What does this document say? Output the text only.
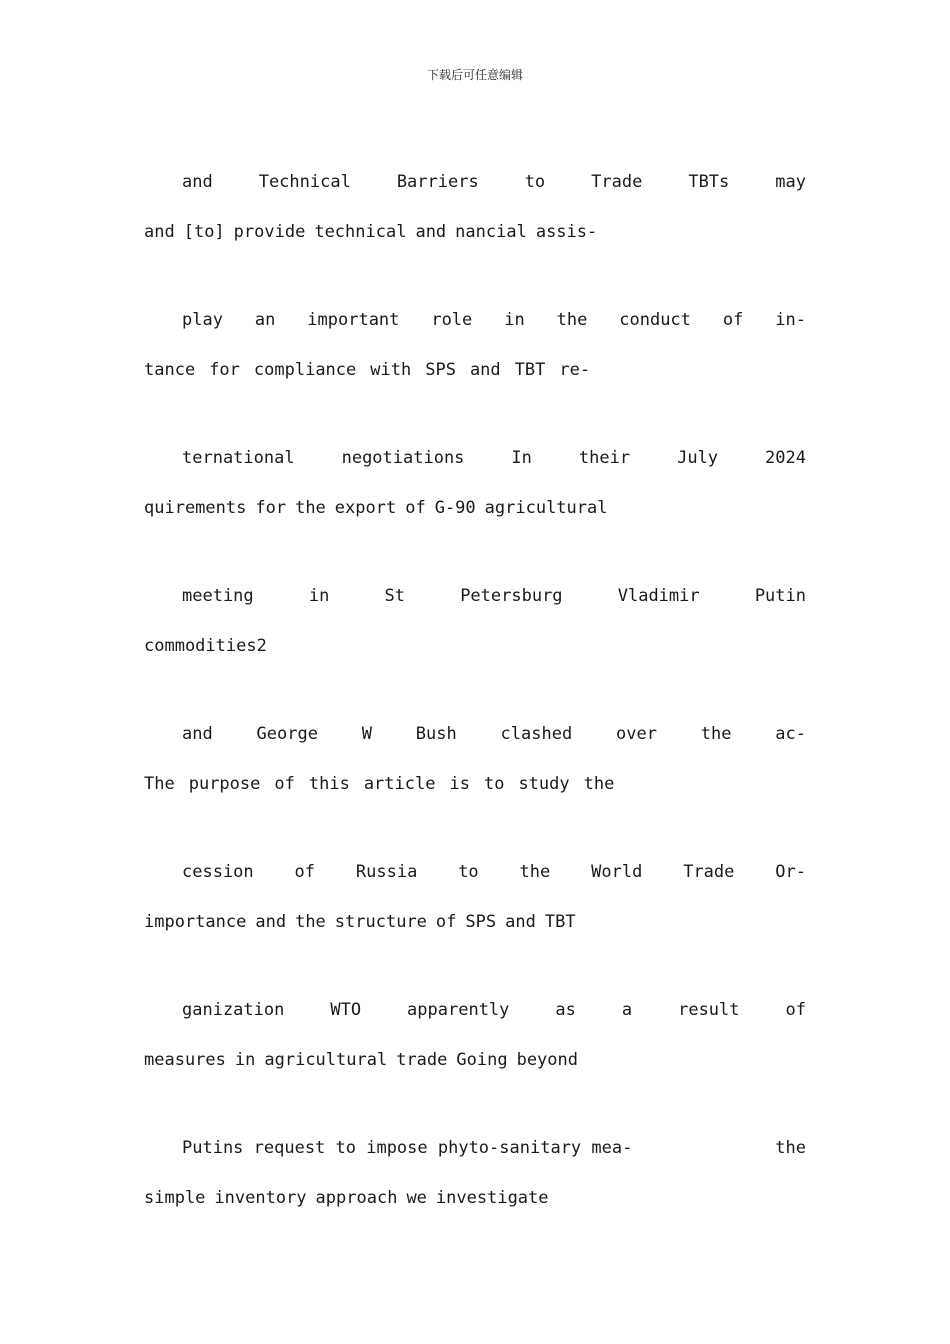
下载后可任意编辑
and	Technical	Barriers	to	Trade	TBTs	may
and [to] provide technical and nancial assis-
play an important role in the conduct of in-
tance for compliance with SPS and TBT re-
ternational	negotiations	In	their	July	2024
quirements for the export of G-90 agricultural
meeting	in	St	Petersburg	Vladimir	Putin
commodities2
and	George	W	Bush	clashed	over	the	ac-
The purpose of this article is to study the
cession of Russia to the World Trade Or-
importance and the structure of SPS and TBT
ganization	WTO	apparently	as	a	result	of
measures in agricultural trade Going beyond
Putins request to impose phyto-sanitary mea-	the
simple inventory approach we investigate
